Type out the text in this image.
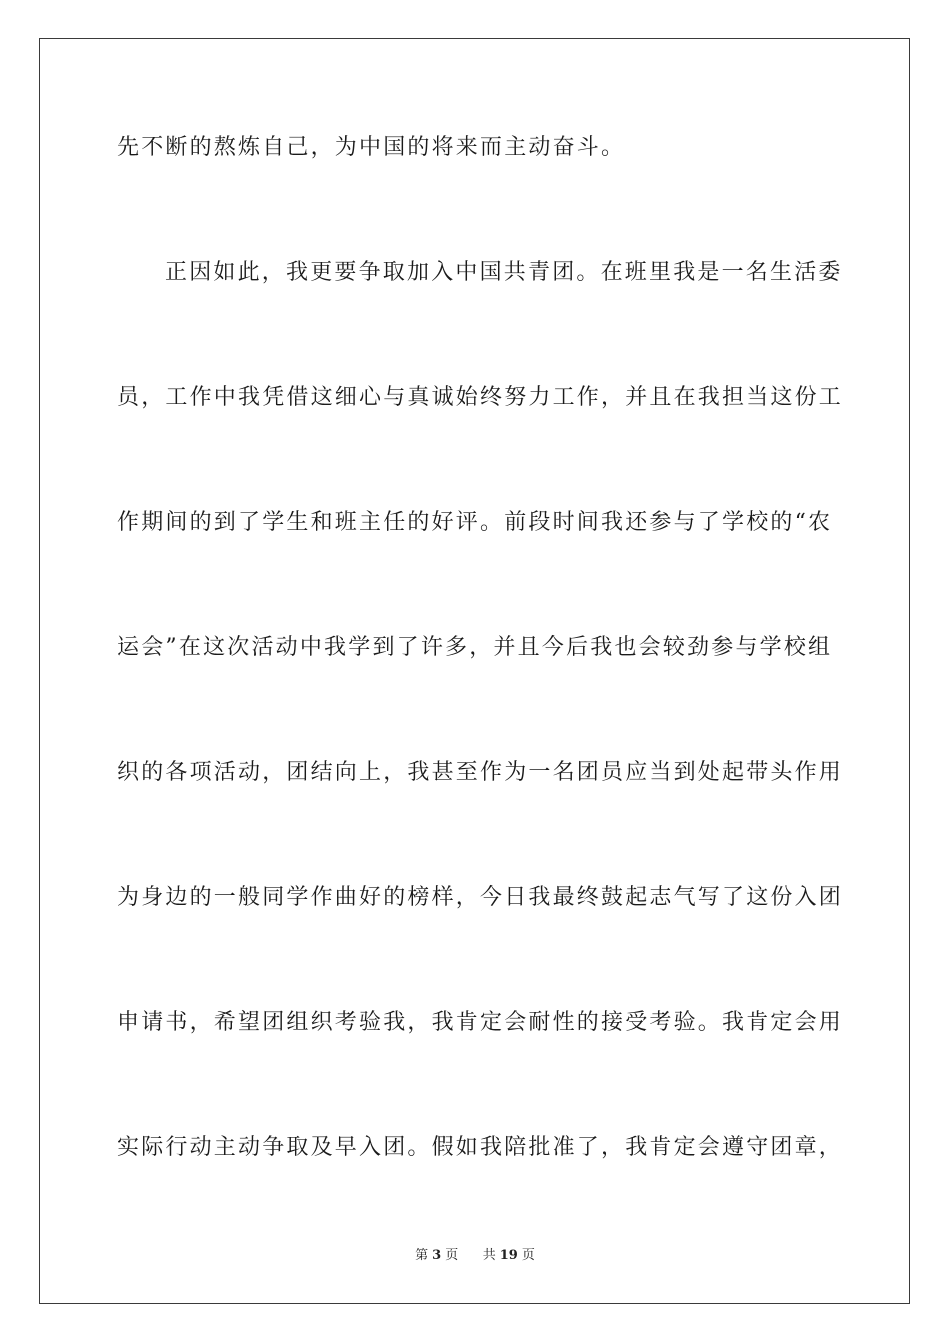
先不断的熬炼自己，为中国的将来而主动奋斗。

正因如此，我更要争取加入中国共青团。在班里我是一名生活委

员，工作中我凭借这细心与真诚始终努力工作，并且在我担当这份工

作期间的到了学生和班主任的好评。前段时间我还参与了学校的“农

运会”在这次活动中我学到了许多，并且今后我也会较劲参与学校组

织的各项活动，团结向上，我甚至作为一名团员应当到处起带头作用

为身边的一般同学作曲好的榜样，今日我最终鼓起志气写了这份入团

申请书，希望团组织考验我，我肯定会耐性的接受考验。我肯定会用

实际行动主动争取及早入团。假如我陪批准了，我肯定会遵守团章，

第 3 页 共 19 页
